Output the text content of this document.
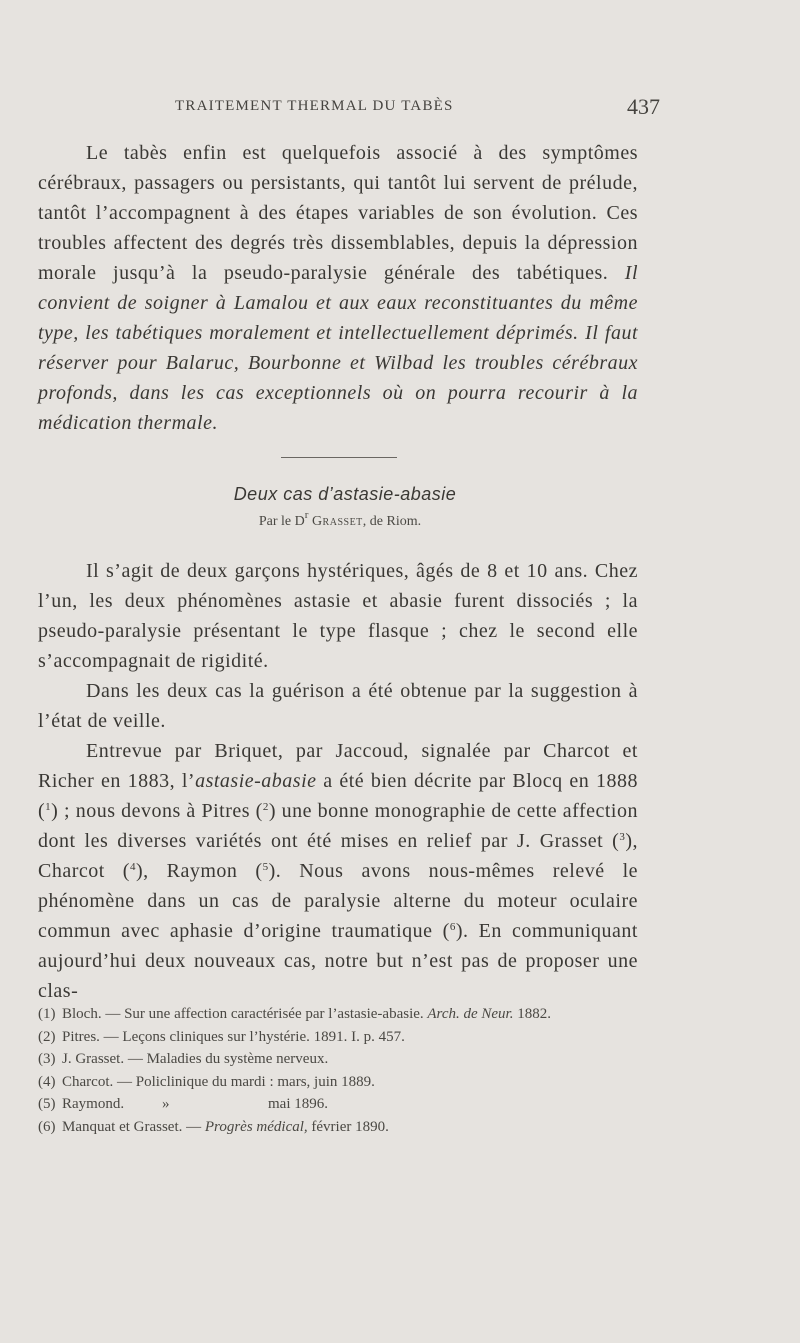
TRAITEMENT THERMAL DU TABÈS	437

Le tabès enfin est quelquefois associé à des symptômes cérébraux, passagers ou persistants, qui tantôt lui servent de prélude, tantôt l’accompagnent à des étapes variables de son évolution. Ces troubles affectent des degrés très dissemblables, depuis la dépression morale jusqu’à la pseudo-paralysie générale des tabétiques. Il convient de soigner à Lamalou et aux eaux reconstituantes du même type, les tabétiques moralement et intellectuellement déprimés. Il faut réserver pour Balaruc, Bourbonne et Wilbad les troubles cérébraux profonds, dans les cas exceptionnels où on pourra recourir à la médication thermale.

Deux cas d’astasie-abasie
Par le $D^r$ Grasset, de Riom.

Il s’agit de deux garçons hystériques, âgés de 8 et 10 ans. Chez l’un, les deux phénomènes astasie et abasie furent dissociés ; la pseudo-paralysie présentant le type flasque ; chez le second elle s’accompagnait de rigidité.

Dans les deux cas la guérison a été obtenue par la suggestion à l’état de veille.

Entrevue par Briquet, par Jaccoud, signalée par Charcot et Richer en 1883, l’astasie-abasie a été bien décrite par Blocq en 1888 ($^1$) ; nous devons à Pitres ($^2$) une bonne monographie de cette affection dont les diverses variétés ont été mises en relief par J. Grasset ($^3$), Charcot ($^4$), Raymon ($^5$). Nous avons nous-mêmes relevé le phénomène dans un cas de paralysie alterne du moteur oculaire commun avec aphasie d’origine traumatique ($^6$). En communiquant aujourd’hui deux nouveaux cas, notre but n’est pas de proposer une clas-

(1) Bloch. — Sur une affection caractérisée par l’astasie-abasie. Arch. de Neur. 1882.

(2) Pitres. — Leçons cliniques sur l’hystérie. 1891. I. p. 457.

(3) J. Grasset. — Maladies du système nerveux.

(4) Charcot. — Policlinique du mardi : mars, juin 1889.

(5) Raymond.	»	mai 1896.

(6) Manquat et Grasset. — Progrès médical, février 1890.
